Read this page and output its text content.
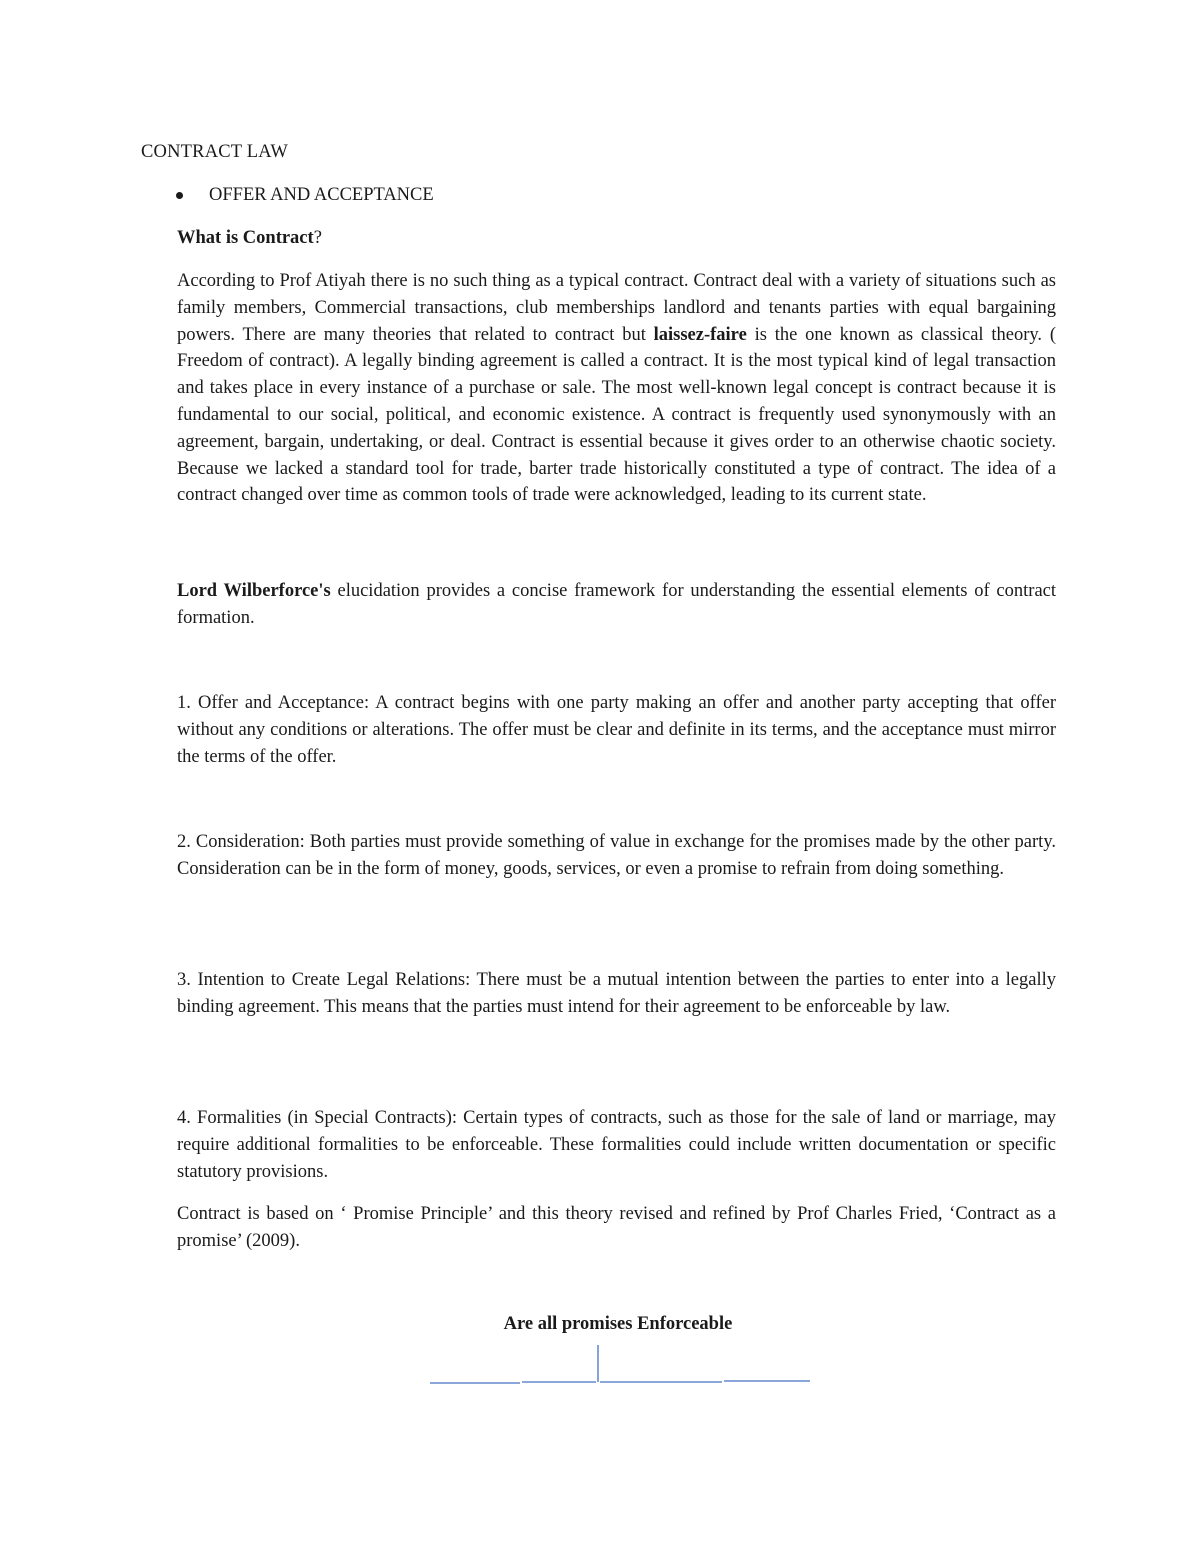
CONTRACT LAW

OFFER AND ACCEPTANCE

What is Contract?

According to Prof Atiyah there is no such thing as a typical contract. Contract deal with a variety of situations such as family members, Commercial transactions, club memberships landlord and tenants parties with equal bargaining powers. There are many theories that related to contract but laissez-faire is the one known as classical theory. ( Freedom of contract). A legally binding agreement is called a contract. It is the most typical kind of legal transaction and takes place in every instance of a purchase or sale. The most well-known legal concept is contract because it is fundamental to our social, political, and economic existence. A contract is frequently used synonymously with an agreement, bargain, undertaking, or deal. Contract is essential because it gives order to an otherwise chaotic society. Because we lacked a standard tool for trade, barter trade historically constituted a type of contract. The idea of a contract changed over time as common tools of trade were acknowledged, leading to its current state.

Lord Wilberforce's elucidation provides a concise framework for understanding the essential elements of contract formation.

1. Offer and Acceptance: A contract begins with one party making an offer and another party accepting that offer without any conditions or alterations. The offer must be clear and definite in its terms, and the acceptance must mirror the terms of the offer.

2. Consideration: Both parties must provide something of value in exchange for the promises made by the other party. Consideration can be in the form of money, goods, services, or even a promise to refrain from doing something.

3. Intention to Create Legal Relations: There must be a mutual intention between the parties to enter into a legally binding agreement. This means that the parties must intend for their agreement to be enforceable by law.

4. Formalities (in Special Contracts): Certain types of contracts, such as those for the sale of land or marriage, may require additional formalities to be enforceable. These formalities could include written documentation or specific statutory provisions.

Contract is based on ‘ Promise Principle’ and this theory revised and refined by Prof Charles Fried, ‘Contract as a promise’ (2009).

Are all promises Enforceable
